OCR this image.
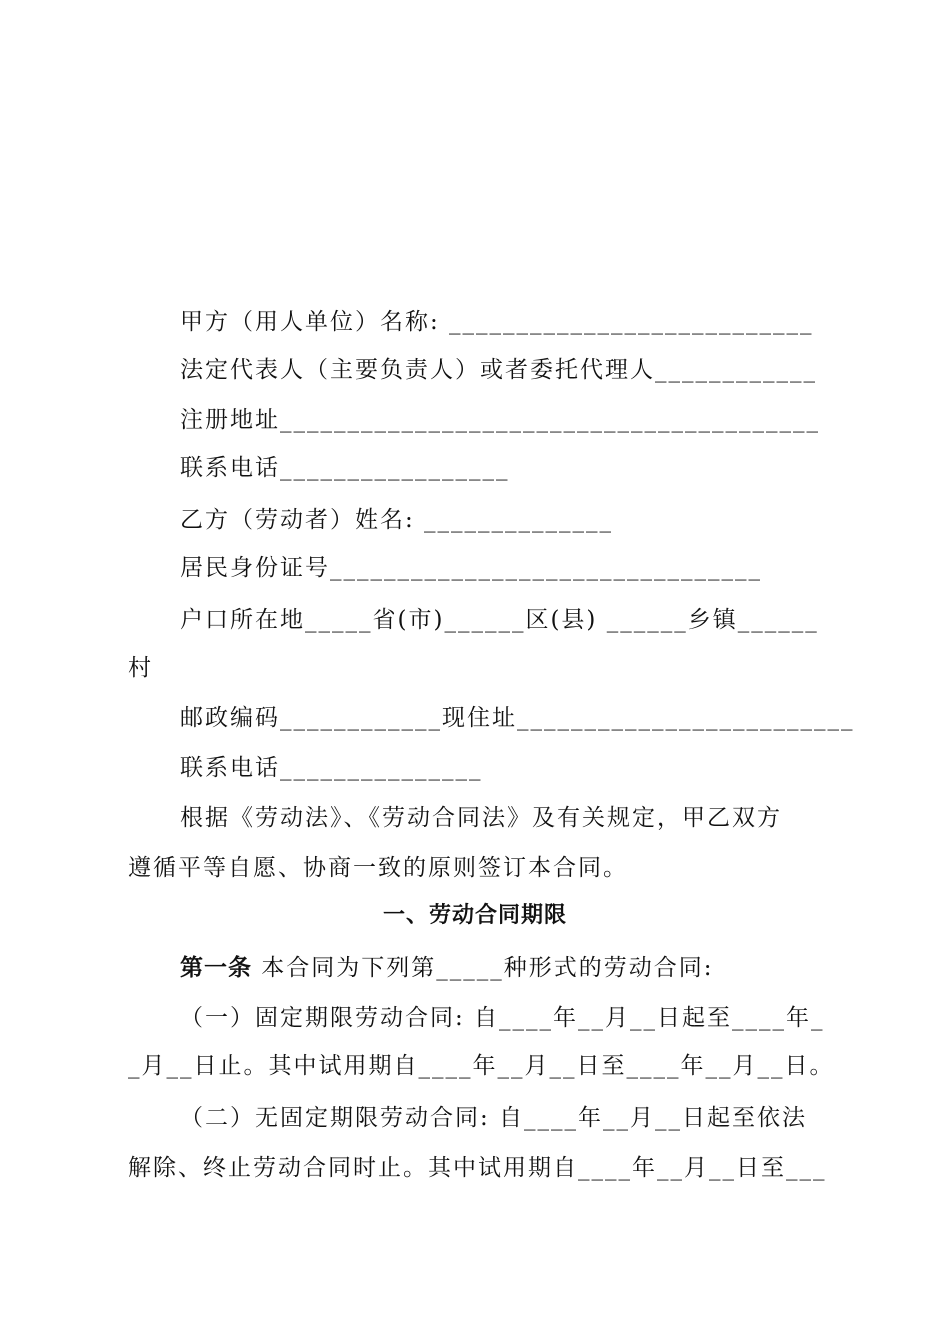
甲方（用人单位）名称: ___________________________
法定代表人（主要负责人）或者委托代理人____________
注册地址________________________________________
联系电话_________________
乙方（劳动者）姓名: ______________
居民身份证号________________________________
户口所在地_____省(市)______区(县) ______乡镇______
村
邮政编码____________现住址_________________________
联系电话_______________
根据《劳动法》、《劳动合同法》及有关规定，甲乙双方
遵循平等自愿、协商一致的原则签订本合同。
一、劳动合同期限
第一条 本合同为下列第_____种形式的劳动合同:
（一）固定期限劳动合同: 自____年__月__日起至____年_
_月__日止。其中试用期自____年__月__日至____年__月__日。
（二）无固定期限劳动合同: 自____年__月__日起至依法
解除、终止劳动合同时止。其中试用期自____年__月__日至___
